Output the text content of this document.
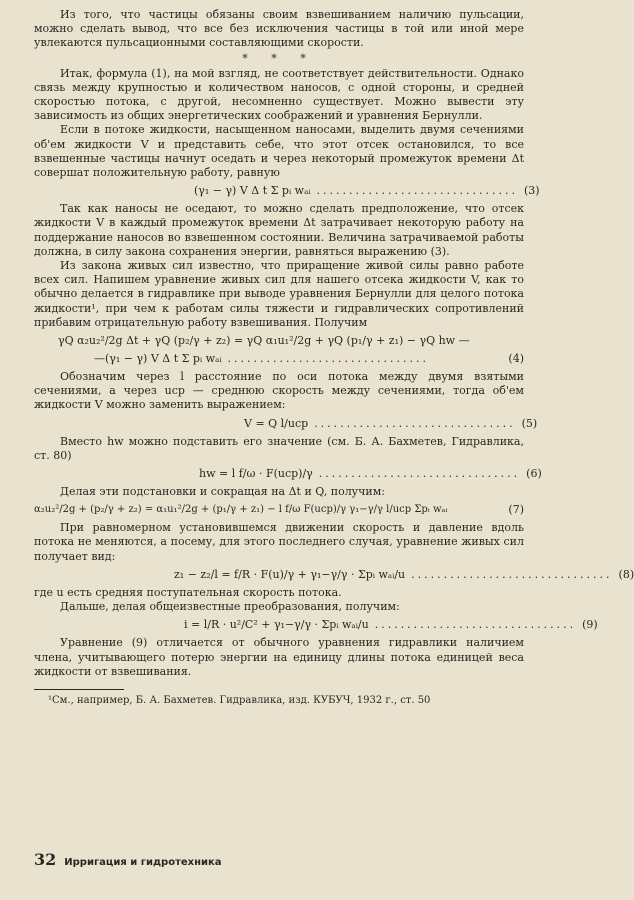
Из того, что частицы обязаны своим взвешиванием наличию пульсации, можно сделать вывод, что все без исключения частицы в той или иной мере увлекаются пульсационными составляющими скорости.

* * *

Итак, формула (1), на мой взгляд, не соответствует действительности. Однако связь между крупностью и количеством наносов, с одной стороны, и средней скоростью потока, с другой, несомненно существует. Можно вывести эту зависимость из общих энергетических соображений и уравнения Бернулли.

Если в потоке жидкости, насыщенном наносами, выделить двумя сечениями об'ем жидкости V и представить себе, что этот отсек остановился, то все взвешенные частицы начнут оседать и через некоторый промежуток времени Δt совершат положительную работу, равную

(γ₁ − γ) V Δ t Σ pᵢ wₐᵢ ............................... (3)

Так как наносы не оседают, то можно сделать предположение, что отсек жидкости V в каждый промежуток времени Δt затрачивает некоторую работу на поддержание наносов во взвешенном состоянии. Величина затрачиваемой работы должна, в силу закона сохранения энергии, равняться выражению (3).

Из закона живых сил известно, что приращение живой силы равно работе всех сил. Напишем уравнение живых сил для нашего отсека жидкости V, как то обычно делается в гидравлике при выводе уравнения Бернулли для целого потока жидкости¹, при чем к работам силы тяжести и гидравлических сопротивлений прибавим отрицательную работу взвешивания. Получим

γQ α₂u₂²/2g Δt + γQ (p₂/γ + z₂) = γQ α₁u₁²/2g + γQ (p₁/γ + z₁) − γQ hw —
—(γ₁ − γ) V Δ t Σ pᵢ wₐᵢ ...............................	(4)

Обозначим через l расстояние по оси потока между двумя взятыми сечениями, а через uср — среднюю скорость между сечениями, тогда об'ем жидкости V можно заменить выражением:

V = Q l/uср ............................... (5)

Вместо hw можно подставить его значение (см. Б. А. Бахметев, Гидравлика, ст. 80)

hw = l f/ω · F(uср)/γ ............................... (6)

Делая эти подстановки и сокращая на Δt и Q, получим:

α₂u₂²/2g + (p₂/γ + z₂) = α₁u₁²/2g + (p₁/γ + z₁) − l f/ω F(uср)/γ γ₁−γ/γ l/uср Σpᵢ wₐᵢ	(7)

При равномерном установившемся движении скорость и давление вдоль потока не меняются, а посему, для этого последнего случая, уравнение живых сил получает вид:

z₁ − z₂/l = f/R · F(u)/γ + γ₁−γ/γ · Σpᵢ wₐᵢ/u ............................... (8)

где u есть средняя поступательная скорость потока.

Дальше, делая общеизвестные преобразования, получим:

i = l/R · u²/C² + γ₁−γ/γ · Σpᵢ wₐᵢ/u ............................... (9)

Уравнение (9) отличается от обычного уравнения гидравлики наличием члена, учитывающего потерю энергии на единицу длины потока единицей веса жидкости от взвешивания.

¹См., например, Б. А. Бахметев. Гидравлика, изд. КУБУЧ, 1932 г., ст. 50

32 Ирригация и гидротехника
